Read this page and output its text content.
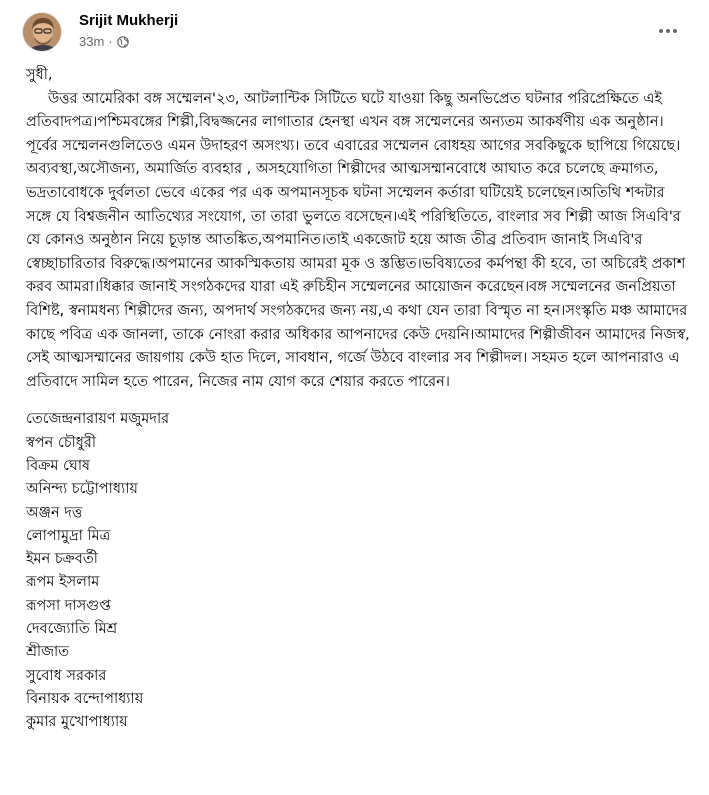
Srijit Mukherji
33m ·

সুধী,

উত্তর আমেরিকা বঙ্গ সম্মেলন'২৩, আটলান্টিক সিটিতে ঘটে যাওয়া কিছু অনভিপ্রেত ঘটনার পরিপ্রেক্ষিতে এই প্রতিবাদপত্র।পশ্চিমবঙ্গের শিল্পী,বিদ্বজ্জনের লাগাতার হেনস্থা এখন বঙ্গ সম্মেলনের অন্যতম আকর্ষণীয় এক অনুষ্ঠান।পূর্বের সম্মেলনগুলিতেও এমন উদাহরণ অসংখ্য। তবে এবারের সম্মেলন বোধহয় আগের সবকিছুকে ছাপিয়ে গিয়েছে। অব্যবস্থা,অসৌজন্য, অমার্জিত ব্যবহার , অসহযোগিতা শিল্পীদের আত্মসম্মানবোধে আঘাত করে চলেছে ক্রমাগত, ভদ্রতাবোধকে দুর্বলতা ভেবে একের পর এক অপমানসূচক ঘটনা সম্মেলন কর্তারা ঘটিয়েই চলেছেন।অতিথি শব্দটার সঙ্গে যে বিশ্বজনীন আতিথ্যের সংযোগ, তা তারা ভুলতে বসেছেন।এই পরিস্থিতিতে, বাংলার সব শিল্পী আজ সিএবি'র যে কোনও অনুষ্ঠান নিয়ে চূড়ান্ত আতঙ্কিত,অপমানিত।তাই একজোট হয়ে আজ তীব্র প্রতিবাদ জানাই সিএবি'র স্বেচ্ছাচারিতার বিরুদ্ধে।অপমানের আকস্মিকতায় আমরা মূক ও স্তম্ভিত।ভবিষ্যতের কর্মপন্থা কী হবে, তা অচিরেই প্রকাশ করব আমরা।ধিক্কার জানাই সংগঠকদের যারা এই রুচিহীন সম্মেলনের আয়োজন করেছেন।বঙ্গ সম্মেলনের জনপ্রিয়তা বিশিষ্ট, স্বনামধন্য শিল্পীদের জন্য, অপদার্থ সংগঠকদের জন্য নয়,এ কথা যেন তারা বিস্মৃত না হন।সংস্কৃতি মঞ্চ আমাদের কাছে পবিত্র এক জানলা, তাকে নোংরা করার অধিকার আপনাদের কেউ দেয়নি।আমাদের শিল্পীজীবন আমাদের নিজস্ব, সেই আত্মসম্মানের জায়গায় কেউ হাত দিলে, সাবধান, গর্জে উঠবে বাংলার সব শিল্পীদল। সহমত হলে আপনারাও এ প্রতিবাদে সামিল হতে পারেন, নিজের নাম যোগ করে শেয়ার করতে পারেন।

তেজেন্দ্রনারায়ণ মজুমদার
স্বপন চৌধুরী
বিক্রম ঘোষ
অনিন্দ্য চট্টোপাধ্যায়
অঞ্জন দত্ত
লোপামুদ্রা মিত্র
ইমন চক্রবর্তী
রূপম ইসলাম
রূপসা দাসগুপ্ত
দেবজ্যোতি মিশ্র
শ্রীজাত
সুবোধ সরকার
বিনায়ক বন্দোপাধ্যায়
কুমার মুখোপাধ্যায়
